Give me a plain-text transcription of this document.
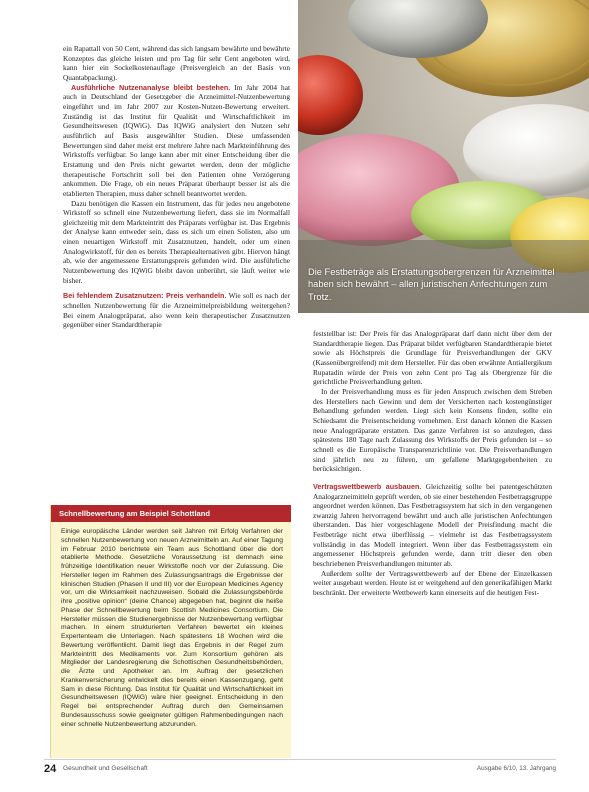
ein Rapattall von 50 Cent, während das sich langsam bewährte und bewährte Konzeptes das gleiche leisten und pro Tag für sehr Cent angeboten wird, kann hier ein Sockelkostenauflage (Preisvergleich an der Basis von Quantabpackung).

Ausführliche Nutzenanalyse bleibt bestehen. Im Jahr 2004 hat auch in Deutschland der Gesetzgeber die Arzneimittel-Nutzenbewertung eingeführt und im Jahr 2007 zur Kosten-Nutzen-Bewertung erweitert. Zuständig ist das Institut für Qualität und Wirtschaftlichkeit im Gesundheitswesen (IQWiG). Das IQWiG analysiert den Nutzen sehr ausführlich auf Basis ausgewählter Studien. Diese umfassenden Bewertungen sind daher meist erst mehrere Jahre nach Markteinführung des Wirkstoffs verfügbar. So lange kann aber mit einer Entscheidung über die Erstattung und den Preis nicht gewartet werden, denn der mögliche therapeutische Fortschritt soll bei den Patienten ohne Verzögerung ankommen. Die Frage, ob ein neues Präparat überhaupt besser ist als die etablierten Therapien, muss daher schnell beantwortet werden.

Dazu benötigen die Kassen ein Instrument, das für jedes neu angebotene Wirkstoff so schnell eine Nutzenbewertung liefert, dass sie im Normalfall gleichzeitig mit dem Markteintritt des Präparats verfügbar ist. Das Ergebnis der Analyse kann entweder sein, dass es sich um einen Solisten, also um einen neuartigen Wirkstoff mit Zusatznutzen, handelt, oder um einen Analogwirkstoff, für den es bereits Therapiealternativen gibt. Hiervon hängt ab, wie der angemessene Erstattungspreis gefunden wird. Die ausführliche Nutzenbewertung des IQWiG bleibt davon unberührt, sie läuft weiter wie bisher.

Bei fehlendem Zusatznutzen: Preis verhandeln. Wie soll es nach der schnellen Nutzenbewertung für die Arzneimittelpreisbildung weitergehen? Bei einem Analogpräparat, also wenn kein therapeutischer Zusatznutzen gegenüber einer Standardtherapie

Die Festbeträge als Erstattungsobergrenzen für Arzneimittel haben sich bewährt – allen juristischen Anfechtungen zum Trotz.
Schnellbewertung am Beispiel Schottland
Einige europäische Länder werden seit Jahren mit Erfolg Verfahren der schnellen Nutzenbewertung von neuen Arzneimitteln an. Auf einer Tagung im Februar 2010 berichtete ein Team aus Schottland über die dort etablierte Methode. Gesetzliche Voraussetzung ist demnach eine frühzeitige Identifikation neuer Wirkstoffe noch vor der Zulassung. Die Hersteller legen im Rahmen des Zulassungsantrags die Ergebnisse der klinischen Studien (Phasen II und III) vor der European Medicines Agency vor, um die Wirksamkeit nachzuweisen. Sobald die Zulassungsbehörde ihre „positive opinion“ (deine Chance) abgegeben hat, beginnt die heiße Phase der Schnellbewertung beim Scottish Medicines Consortium. Die Hersteller müssen die Studienergebnisse der Nutzenbewertung verfügbar machen. In einem strukturierten Verfahren bewertet ein kleines Expertenteam die Unterlagen. Nach spätestens 18 Wochen wird die Bewertung veröffentlicht. Damit liegt das Ergebnis in der Regel zum Markteintritt des Medikaments vor. Zum Konsortium gehören als Mitglieder der Landesregierung die Schottischen Gesundheitsbehörden, die Ärzte und Apotheker an. Im Auftrag der gesetzlichen Krankenversicherung entwickelt dies bereits einen Kassenzugang, geht Sam in diese Richtung. Das Institut für Qualität und Wirtschaftlichkeit im Gesundheitswesen (IQWiG) wäre hier geeignet. Entscheidung in den Regel bei entsprechender Auftrag durch den Gemeinsamen Bundesausschuss sowie geeigneter gültigen Rahmenbedingungen nach einer schnelle Nutzenbewertung abzurunden.

feststellbar ist: Der Preis für das Analogpräparat darf dann nicht über dem der Standardtherapie liegen. Das Präparat bildet verfügbaren Standardtherapie bietet sowie als Höchstpreis die Grundlage für Preisverhandlungen der GKV (Kassenübergreifend) mit dem Hersteller. Für das oben erwähnte Antiallergikum Rupatadin würde der Preis von zehn Cent pro Tag als Obergrenze für die gerichtliche Preisverhandlung gelten.

In der Preisverhandlung muss es für jeden Anspruch zwischen dem Streben des Herstellers nach Gewinn und dem der Versicherten nach kostengünstiger Behandlung gefunden werden. Liegt sich kein Konsens finden, sollte ein Schiedsamt die Preisentscheidung vornehmen. Erst danach können die Kassen neue Analogpräparate erstatten. Das ganze Verfahren ist so anzulegen, dass spätestens 180 Tage nach Zulassung des Wirkstoffs der Preis gefunden ist – so schnell es die Europäische Transparenzrichtlinie vor. Die Preisverhandlungen sind jährlich neu zu führen, um gefallene Marktgegebenheiten zu berücksichtigen.

Vertragswettbewerb ausbauen. Gleichzeitig sollte bei patentgeschützten Analogarzneimitteln geprüft werden, ob sie einer bestehenden Festbetragsgruppe angeordnet werden können. Das Festbetragssystem hat sich in den vergangenen zwanzig Jahren hervorragend bewährt und auch alle juristischen Anfechtungen überstanden. Das hier vorgeschlagene Modell der Preisfindung macht die Festbeträge nicht etwa überflüssig – vielmehr ist das Festbetragssystem vollständig in das Modell integriert. Wenn über das Festbetragssystem ein angemessener Höchstpreis gefunden werde, dann tritt dieser den oben beschriebenen Preisverhandlungen mitunter ab.

Außerdem sollte der Vertragswettbewerb auf der Ebene der Einzelkassen weiter ausgebaut werden. Heute ist er weitgehend auf den generikafähigen Markt beschränkt. Der erweiterte Wettbewerb kann einerseits auf die heutigen Fest-

24 Gesundheit und Gesellschaft	Ausgabe 6/10, 13. Jahrgang
